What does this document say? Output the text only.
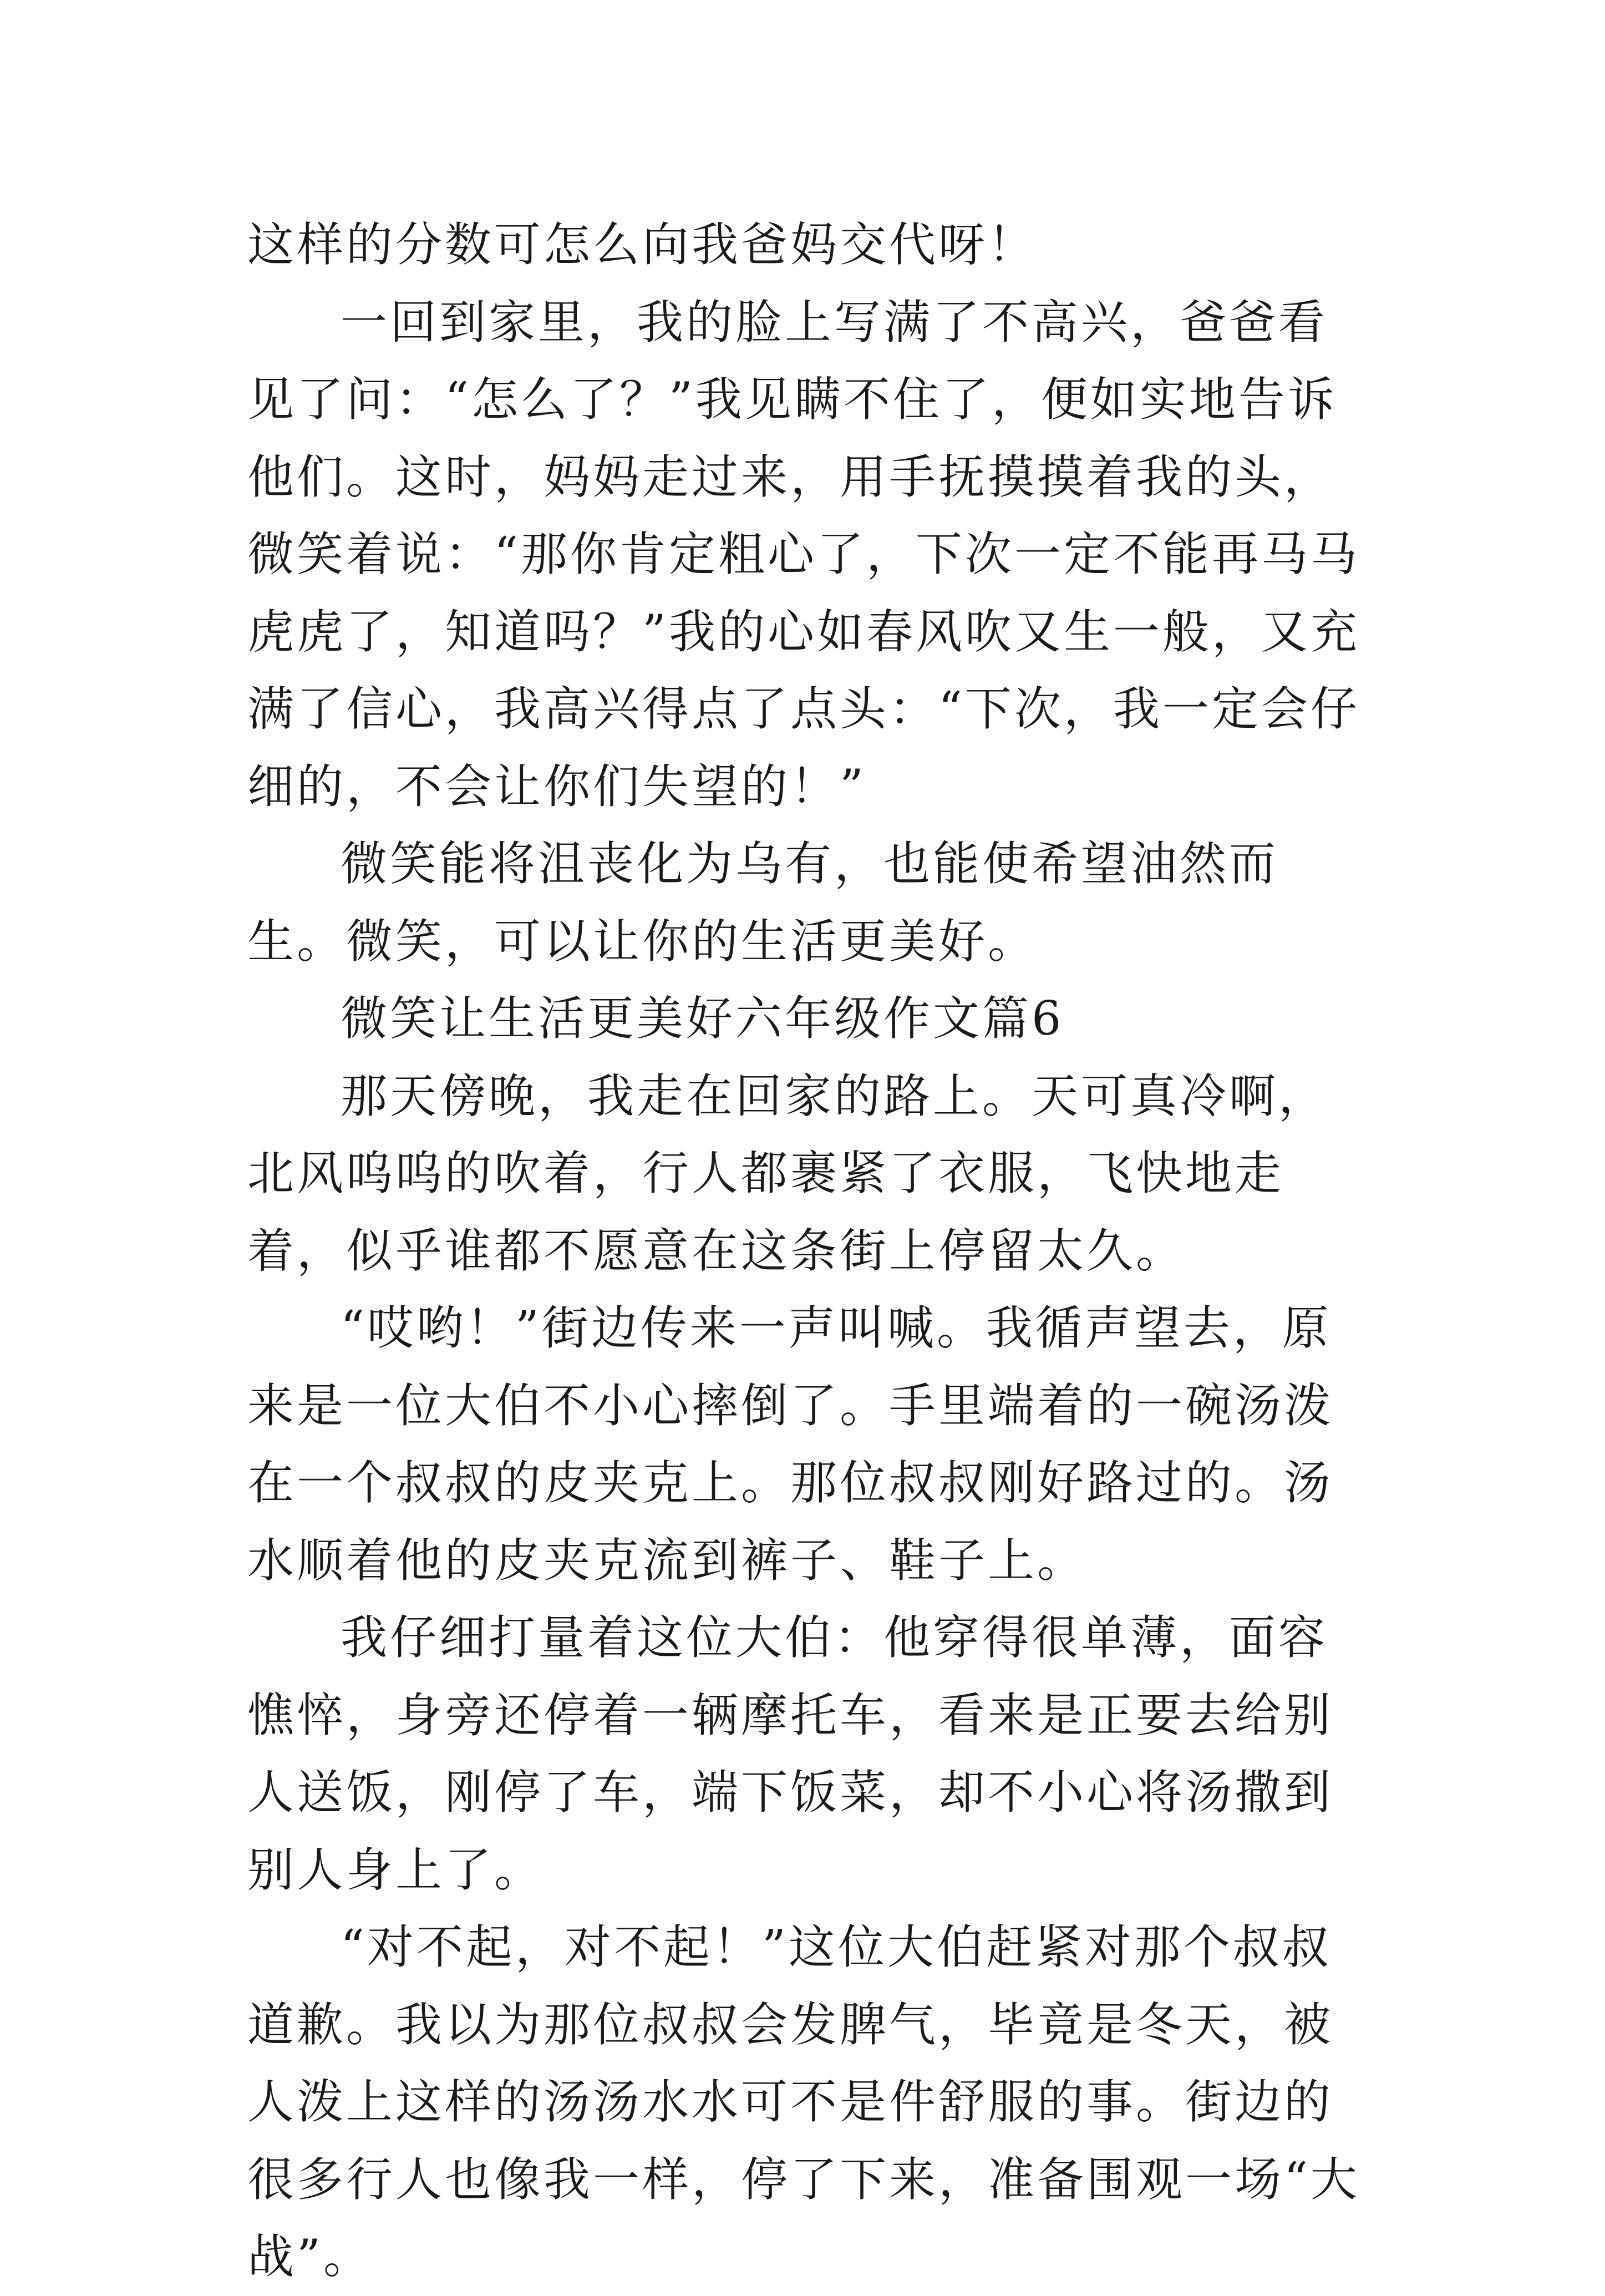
这样的分数可怎么向我爸妈交代呀！

一回到家里，我的脸上写满了不高兴，爸爸看见了问：“怎么了？”我见瞒不住了，便如实地告诉他们。这时，妈妈走过来，用手抚摸摸着我的头，微笑着说：“那你肯定粗心了，下次一定不能再马马虎虎了，知道吗？”我的心如春风吹又生一般，又充满了信心，我高兴得点了点头：“下次，我一定会仔细的，不会让你们失望的！”

微笑能将沮丧化为乌有，也能使希望油然而生。微笑，可以让你的生活更美好。

微笑让生活更美好六年级作文篇6

那天傍晚，我走在回家的路上。天可真冷啊，北风呜呜的吹着，行人都裹紧了衣服，飞快地走着，似乎谁都不愿意在这条街上停留太久。

“哎哟！”街边传来一声叫喊。我循声望去，原来是一位大伯不小心摔倒了。手里端着的一碗汤泼在一个叔叔的皮夹克上。那位叔叔刚好路过的。汤水顺着他的皮夹克流到裤子、鞋子上。

我仔细打量着这位大伯：他穿得很单薄，面容憔悴，身旁还停着一辆摩托车，看来是正要去给别人送饭，刚停了车，端下饭菜，却不小心将汤撒到别人身上了。

“对不起，对不起！”这位大伯赶紧对那个叔叔道歉。我以为那位叔叔会发脾气，毕竟是冬天，被人泼上这样的汤汤水水可不是件舒服的事。街边的很多行人也像我一样，停了下来，准备围观一场“大战”。
